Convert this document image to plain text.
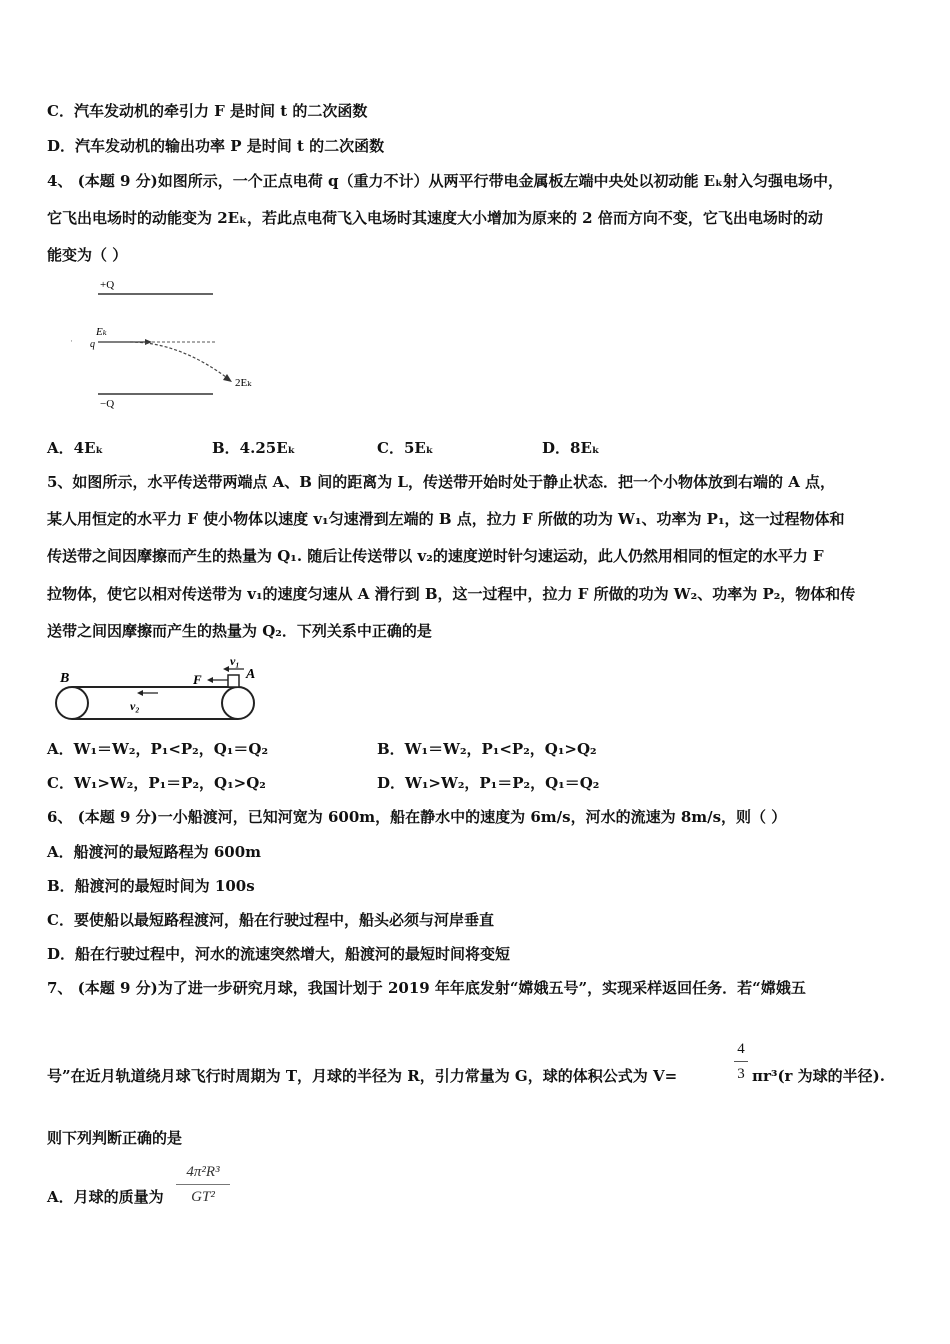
C．汽车发动机的牵引力 F 是时间 t 的二次函数
D．汽车发动机的输出功率 P 是时间 t 的二次函数
4、 (本题 9 分)如图所示，一个正点电荷 q（重力不计）从两平行带电金属板左端中央处以初动能 Eₖ射入匀强电场中，
它飞出电场时的动能变为 2Eₖ，若此点电荷飞入电场时其速度大小增加为原来的 2 倍而方向不变，它飞出电场时的动
能变为（ ）
+Q
·
Eₖ
q
2Eₖ
−Q
A．4Eₖ	B．4.25Eₖ	C．5Eₖ	D．8Eₖ
5、如图所示，水平传送带两端点 A、B 间的距离为 L，传送带开始时处于静止状态．把一个小物体放到右端的 A 点，
某人用恒定的水平力 F 使小物体以速度 v₁匀速滑到左端的 B 点，拉力 F 所做的功为 W₁、功率为 P₁，这一过程物体和
传送带之间因摩擦而产生的热量为 Q₁. 随后让传送带以 v₂的速度逆时针匀速运动，此人仍然用相同的恒定的水平力 F
拉物体，使它以相对传送带为 v₁的速度匀速从 A 滑行到 B，这一过程中，拉力 F 所做的功为 W₂、功率为 P₂，物体和传
送带之间因摩擦而产生的热量为 Q₂．下列关系中正确的是
B	F
v₁
A
v₂
A．W₁＝W₂，P₁<P₂，Q₁＝Q₂	B．W₁＝W₂，P₁<P₂，Q₁>Q₂
C．W₁>W₂，P₁＝P₂，Q₁>Q₂	D．W₁>W₂，P₁＝P₂，Q₁＝Q₂
6、 (本题 9 分)一小船渡河，已知河宽为 600m，船在静水中的速度为 6m/s，河水的流速为 8m/s，则（ ）
A．船渡河的最短路程为 600m
B．船渡河的最短时间为 100s
C．要使船以最短路程渡河，船在行驶过程中，船头必须与河岸垂直
D．船在行驶过程中，河水的流速突然增大，船渡河的最短时间将变短
7、 (本题 9 分)为了进一步研究月球，我国计划于 2019 年年底发射“嫦娥五号”，实现采样返回任务．若“嫦娥五
号”在近月轨道绕月球飞行时周期为 T，月球的半径为 R，引力常量为 G，球的体积公式为 V=
4
3 πr³(r 为球的半径).
则下列判断正确的是
A．月球的质量为
4π²R³
GT²
